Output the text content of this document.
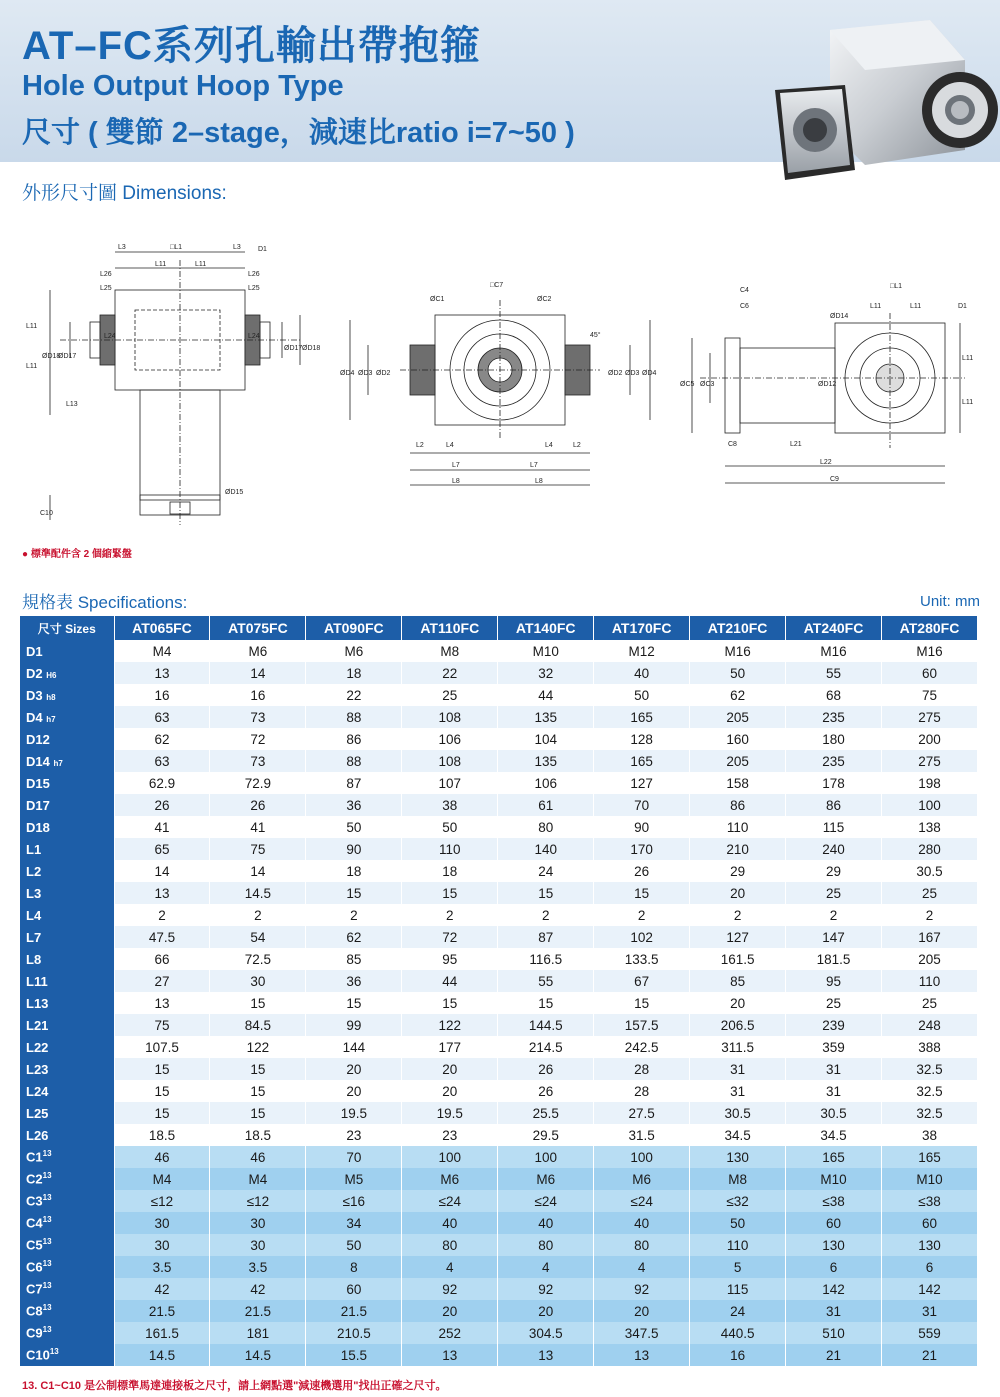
AT–FC系列孔輸出帶抱箍
Hole Output Hoop Type
尺寸 ( 雙節 2–stage，減速比ratio i=7~50 )
外形尺寸圖 Dimensions:
L3	□L1	L3 D1
L26
L11	L11
L26
L25	L25
L24	L24
L11
L11
ØD18
ØD17
ØD17 ØD18
L13
ØD15
C10
□C7
ØC1	ØC2
45°
ØD4 ØD3 ØD2	ØD2 ØD3 ØD4
L2	L4	L4	L2
L7	L7
L8	L8
C4
C6
□L1
ØD14
L11	L11	D1
ØC5 ØC3	ØD12
L11
L11
C8	L21
L22
C9
● 標準配件含 2 個縮緊盤
規格表 Specifications:	Unit: mm
尺寸 Sizes	AT065FC	AT075FC	AT090FC	AT110FC	AT140FC	AT170FC	AT210FC	AT240FC	AT280FC
D1	M4	M6	M6	M8	M10	M12	M16	M16	M16
D2 H6	13	14	18	22	32	40	50	55	60
D3 h8	16	16	22	25	44	50	62	68	75
D4 h7	63	73	88	108	135	165	205	235	275
D12	62	72	86	106	104	128	160	180	200
D14 h7	63	73	88	108	135	165	205	235	275
D15	62.9	72.9	87	107	106	127	158	178	198
D17	26	26	36	38	61	70	86	86	100
D18	41	41	50	50	80	90	110	115	138
L1	65	75	90	110	140	170	210	240	280
L2	14	14	18	18	24	26	29	29	30.5
L3	13	14.5	15	15	15	15	20	25	25
L4	2	2	2	2	2	2	2	2	2
L7	47.5	54	62	72	87	102	127	147	167
L8	66	72.5	85	95	116.5	133.5	161.5	181.5	205
L11	27	30	36	44	55	67	85	95	110
L13	13	15	15	15	15	15	20	25	25
L21	75	84.5	99	122	144.5	157.5	206.5	239	248
L22	107.5	122	144	177	214.5	242.5	311.5	359	388
L23	15	15	20	20	26	28	31	31	32.5
L24	15	15	20	20	26	28	31	31	32.5
L25	15	15	19.5	19.5	25.5	27.5	30.5	30.5	32.5
L26	18.5	18.5	23	23	29.5	31.5	34.5	34.5	38
$C1^{13}$	46	46	70	100	100	100	130	165	165
$C2^{13}$	M4	M4	M5	M6	M6	M6	M8	M10	M10
$C3^{13}$	≤12	≤12	≤16	≤24	≤24	≤24	≤32	≤38	≤38
$C4^{13}$	30	30	34	40	40	40	50	60	60
$C5^{13}$	30	30	50	80	80	80	110	130	130
$C6^{13}$	3.5	3.5	8	4	4	4	5	6	6
$C7^{13}$	42	42	60	92	92	92	115	142	142
$C8^{13}$	21.5	21.5	21.5	20	20	20	24	31	31
$C9^{13}$	161.5	181	210.5	252	304.5	347.5	440.5	510	559
$C10^{13}$	14.5	14.5	15.5	13	13	13	16	21	21
13. C1~C10 是公制標準馬達連接板之尺寸，請上網點選"減速機選用"找出正確之尺寸。
